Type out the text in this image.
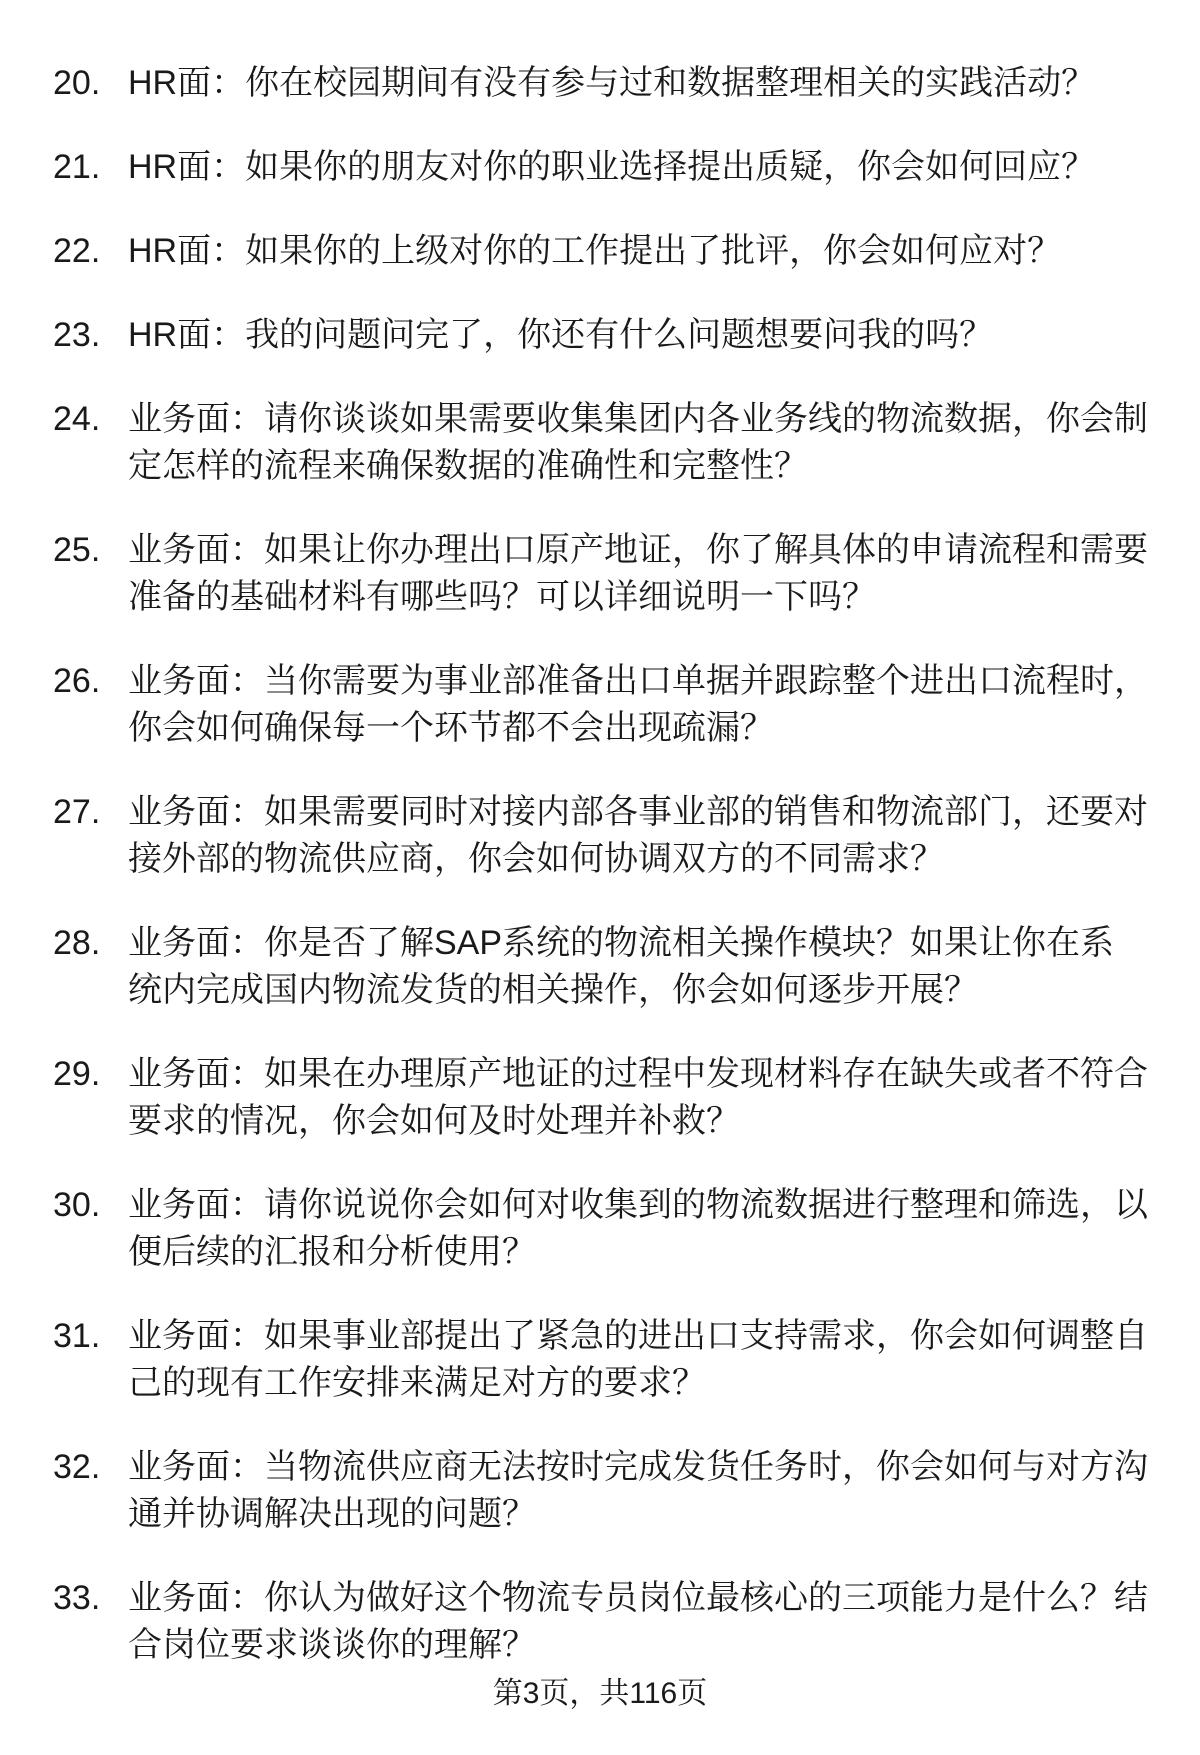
20. HR面：你在校园期间有没有参与过和数据整理相关的实践活动？
21. HR面：如果你的朋友对你的职业选择提出质疑，你会如何回应？
22. HR面：如果你的上级对你的工作提出了批评，你会如何应对？
23. HR面：我的问题问完了，你还有什么问题想要问我的吗？
24. 业务面：请你谈谈如果需要收集集团内各业务线的物流数据，你会制定怎样的流程来确保数据的准确性和完整性？
25. 业务面：如果让你办理出口原产地证，你了解具体的申请流程和需要准备的基础材料有哪些吗？可以详细说明一下吗？
26. 业务面：当你需要为事业部准备出口单据并跟踪整个进出口流程时，你会如何确保每一个环节都不会出现疏漏？
27. 业务面：如果需要同时对接内部各事业部的销售和物流部门，还要对接外部的物流供应商，你会如何协调双方的不同需求？
28. 业务面：你是否了解SAP系统的物流相关操作模块？如果让你在系统内完成国内物流发货的相关操作，你会如何逐步开展？
29. 业务面：如果在办理原产地证的过程中发现材料存在缺失或者不符合要求的情况，你会如何及时处理并补救？
30. 业务面：请你说说你会如何对收集到的物流数据进行整理和筛选，以便后续的汇报和分析使用？
31. 业务面：如果事业部提出了紧急的进出口支持需求，你会如何调整自己的现有工作安排来满足对方的要求？
32. 业务面：当物流供应商无法按时完成发货任务时，你会如何与对方沟通并协调解决出现的问题？
33. 业务面：你认为做好这个物流专员岗位最核心的三项能力是什么？结合岗位要求谈谈你的理解？
第3页，共116页
